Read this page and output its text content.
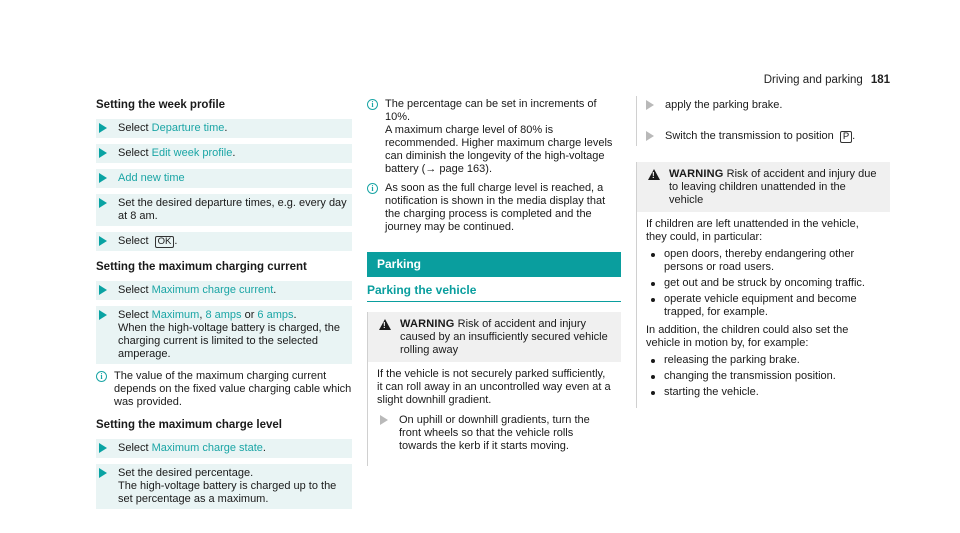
Driving and parking 181
Setting the week profile
Select Departure time.
Select Edit week profile.
Add new time
Set the desired departure times, e.g. every day at 8 am.
Select OK .
Setting the maximum charging current
Select Maximum charge current.
Select Maximum, 8 amps or 6 amps.
When the high-voltage battery is charged, the charging current is limited to the selected amperage.
i	The value of the maximum charging current depends on the fixed value charging cable which was provided.
Setting the maximum charge level
Select Maximum charge state.
Set the desired percentage.
The high-voltage battery is charged up to the set percentage as a maximum.
i	The percentage can be set in increments of 10%.
A maximum charge level of 80% is recommended. Higher maximum charge levels can diminish the longevity of the high-voltage battery (→ page 163).
i	As soon as the full charge level is reached, a notification is shown in the media display that the charging process is completed and the journey may be continued.
Parking
Parking the vehicle
!
WARNING Risk of accident and injury caused by an insufficiently secured vehicle rolling away

If the vehicle is not securely parked sufficiently, it can roll away in an uncontrolled way even at a slight downhill gradient.

On uphill or downhill gradients, turn the front wheels so that the vehicle rolls towards the kerb if it starts moving.
apply the parking brake.
Switch the transmission to position P .
!
WARNING Risk of accident and injury due to leaving children unattended in the vehicle

If children are left unattended in the vehicle, they could, in particular:

open doors, thereby endangering other persons or road users.
get out and be struck by oncoming traffic.
operate vehicle equipment and become trapped, for example.

In addition, the children could also set the vehicle in motion by, for example:

releasing the parking brake.
changing the transmission position.
starting the vehicle.
